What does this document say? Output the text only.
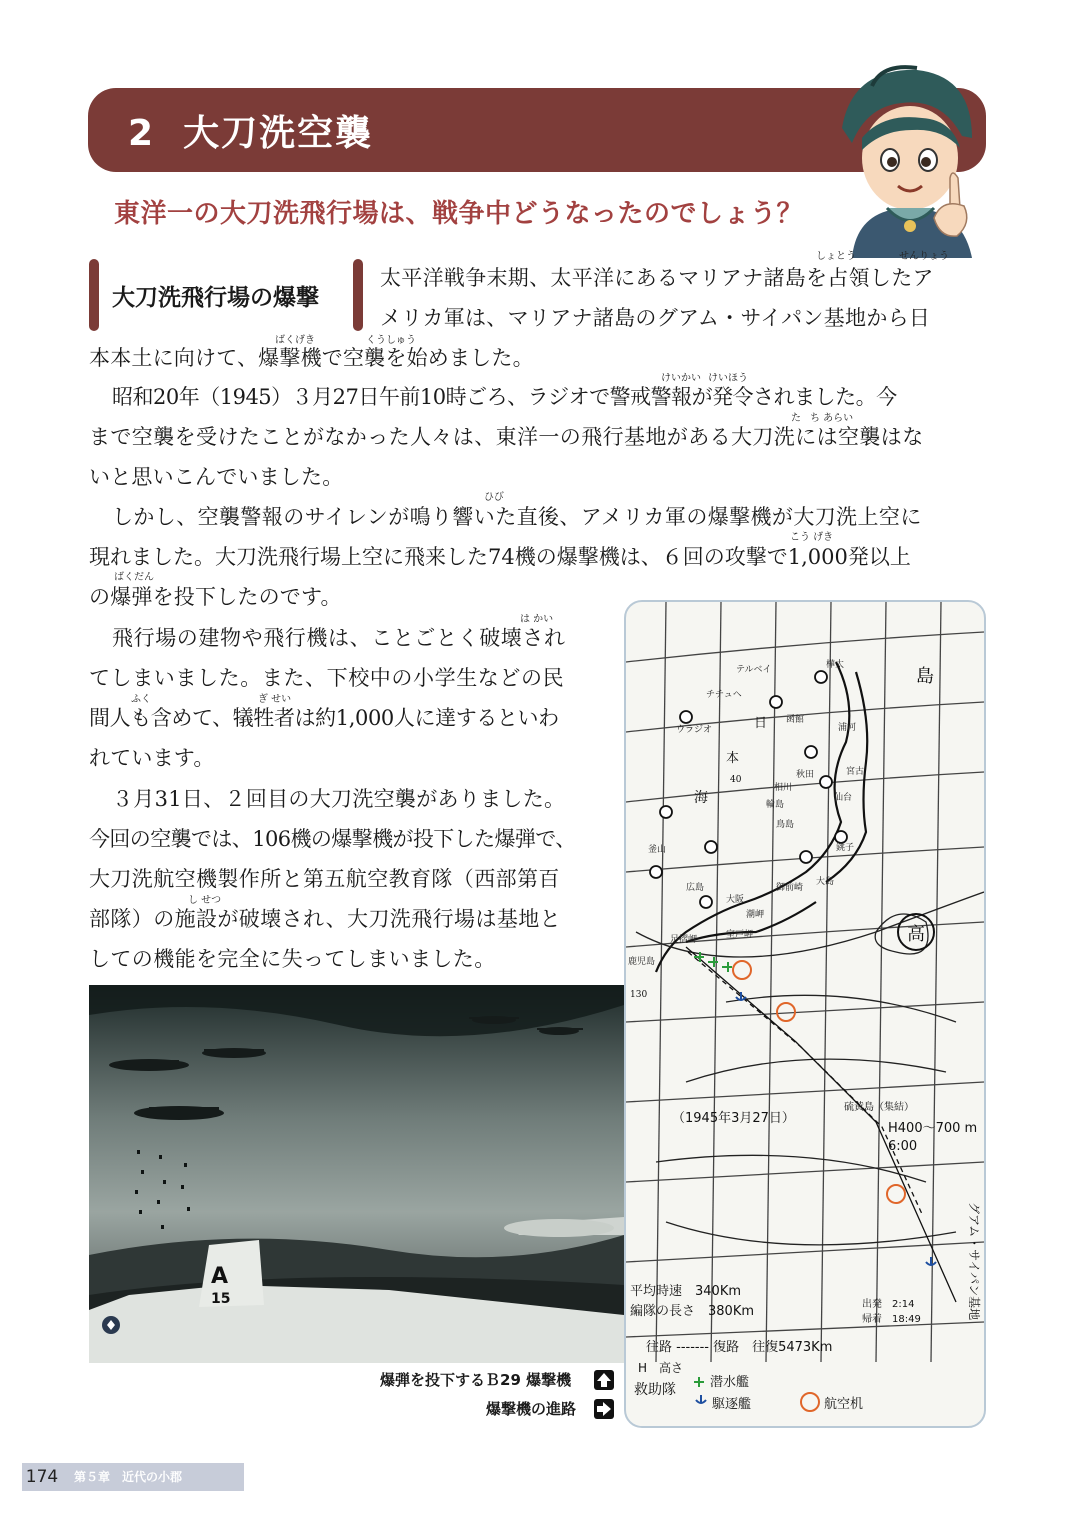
2 大刀洗空襲
東洋一の大刀洗飛行場は、戦争中どうなったのでしょう？
大刀洗飛行場の爆撃
しょとう	せんりょう
ばくげき	くうしゅう
けいかい けいほう
た ち あらい
ひび
こう げき
ばくだん
は かい
ふく	ぎ せい
し せつ
太平洋戦争末期、太平洋にあるマリアナ諸島を占領したア
メリカ軍は、マリアナ諸島のグアム・サイパン基地から日
本本土に向けて、爆撃機で空襲を始めました。
昭和20年（1945）３月27日午前10時ごろ、ラジオで警戒警報が発令されました。今
まで空襲を受けたことがなかった人々は、東洋一の飛行基地がある大刀洗には空襲はな
いと思いこんでいました。
しかし、空襲警報のサイレンが鳴り響いた直後、アメリカ軍の爆撃機が大刀洗上空に
現れました。大刀洗飛行場上空に飛来した74機の爆撃機は、６回の攻撃で1,000発以上
の爆弾を投下したのです。
飛行場の建物や飛行機は、ことごとく破壊され
てしまいました。また、下校中の小学生などの民
間人も含めて、犠牲者は約1,000人に達するといわ
れています。
３月31日、２回目の大刀洗空襲がありました。
今回の空襲では、106機の爆撃機が投下した爆弾で、
大刀洗航空機製作所と第五航空教育隊（西部第百
部隊）の施設が破壊され、大刀洗飛行場は基地と
しての機能を完全に失ってしまいました。
A
15
爆弾を投下するＢ29 爆撃機
爆撃機の進路
高
島
日
本
海
40
130
樺太
テルベイ
チチュヘ
ウラジオ
函館
浦河
秋田	宮古
輪島
相川
鳥島
釜山
仙台
銚子
大阪
潮岬
御前崎
室戸岬
足摺岬
鹿児島
広島
大島
（1945年3月27日）
硫黄島（集結）
H400〜700 m
6:00
グアム・サイパン基地
平均時速　340Km
編隊の長さ　380Km	出発　2:14
帰着　18:49
往路 ------- 復路　往復5473Km
H　高さ
救助隊	潜水艦
駆逐艦	航空机
174	第５章　近代の小郡
